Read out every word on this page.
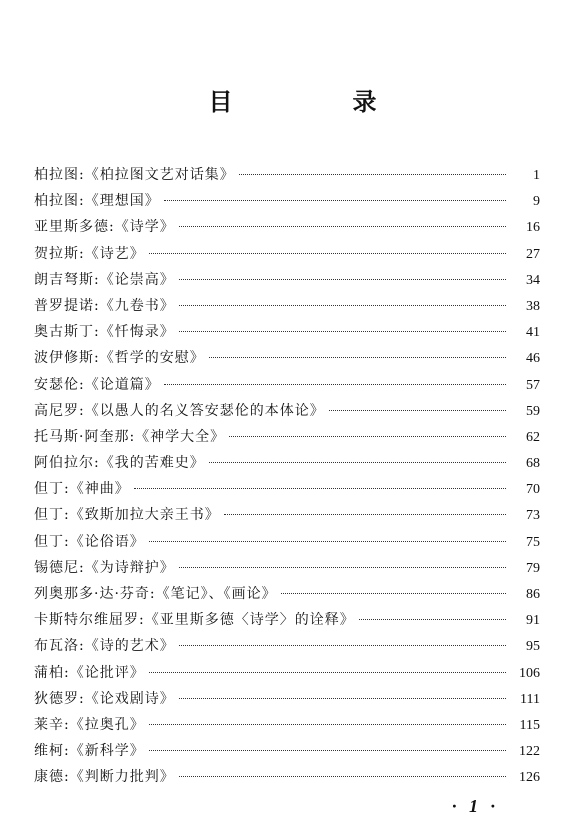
目　录
柏拉图:《柏拉图文艺对话集》	1
柏拉图:《理想国》	9
亚里斯多德:《诗学》	16
贺拉斯:《诗艺》	27
朗吉弩斯:《论崇高》	34
普罗提诺:《九卷书》	38
奥古斯丁:《忏悔录》	41
波伊修斯:《哲学的安慰》	46
安瑟伦:《论道篇》	57
高尼罗:《以愚人的名义答安瑟伦的本体论》	59
托马斯·阿奎那:《神学大全》	62
阿伯拉尔:《我的苦难史》	68
但丁:《神曲》	70
但丁:《致斯加拉大亲王书》	73
但丁:《论俗语》	75
锡德尼:《为诗辩护》	79
列奥那多·达·芬奇:《笔记》、《画论》	86
卡斯特尔维屈罗:《亚里斯多德〈诗学〉的诠释》	91
布瓦洛:《诗的艺术》	95
蒲柏:《论批评》	106
狄德罗:《论戏剧诗》	111
莱辛:《拉奥孔》	115
维柯:《新科学》	122
康德:《判断力批判》	126
· 1 ·
